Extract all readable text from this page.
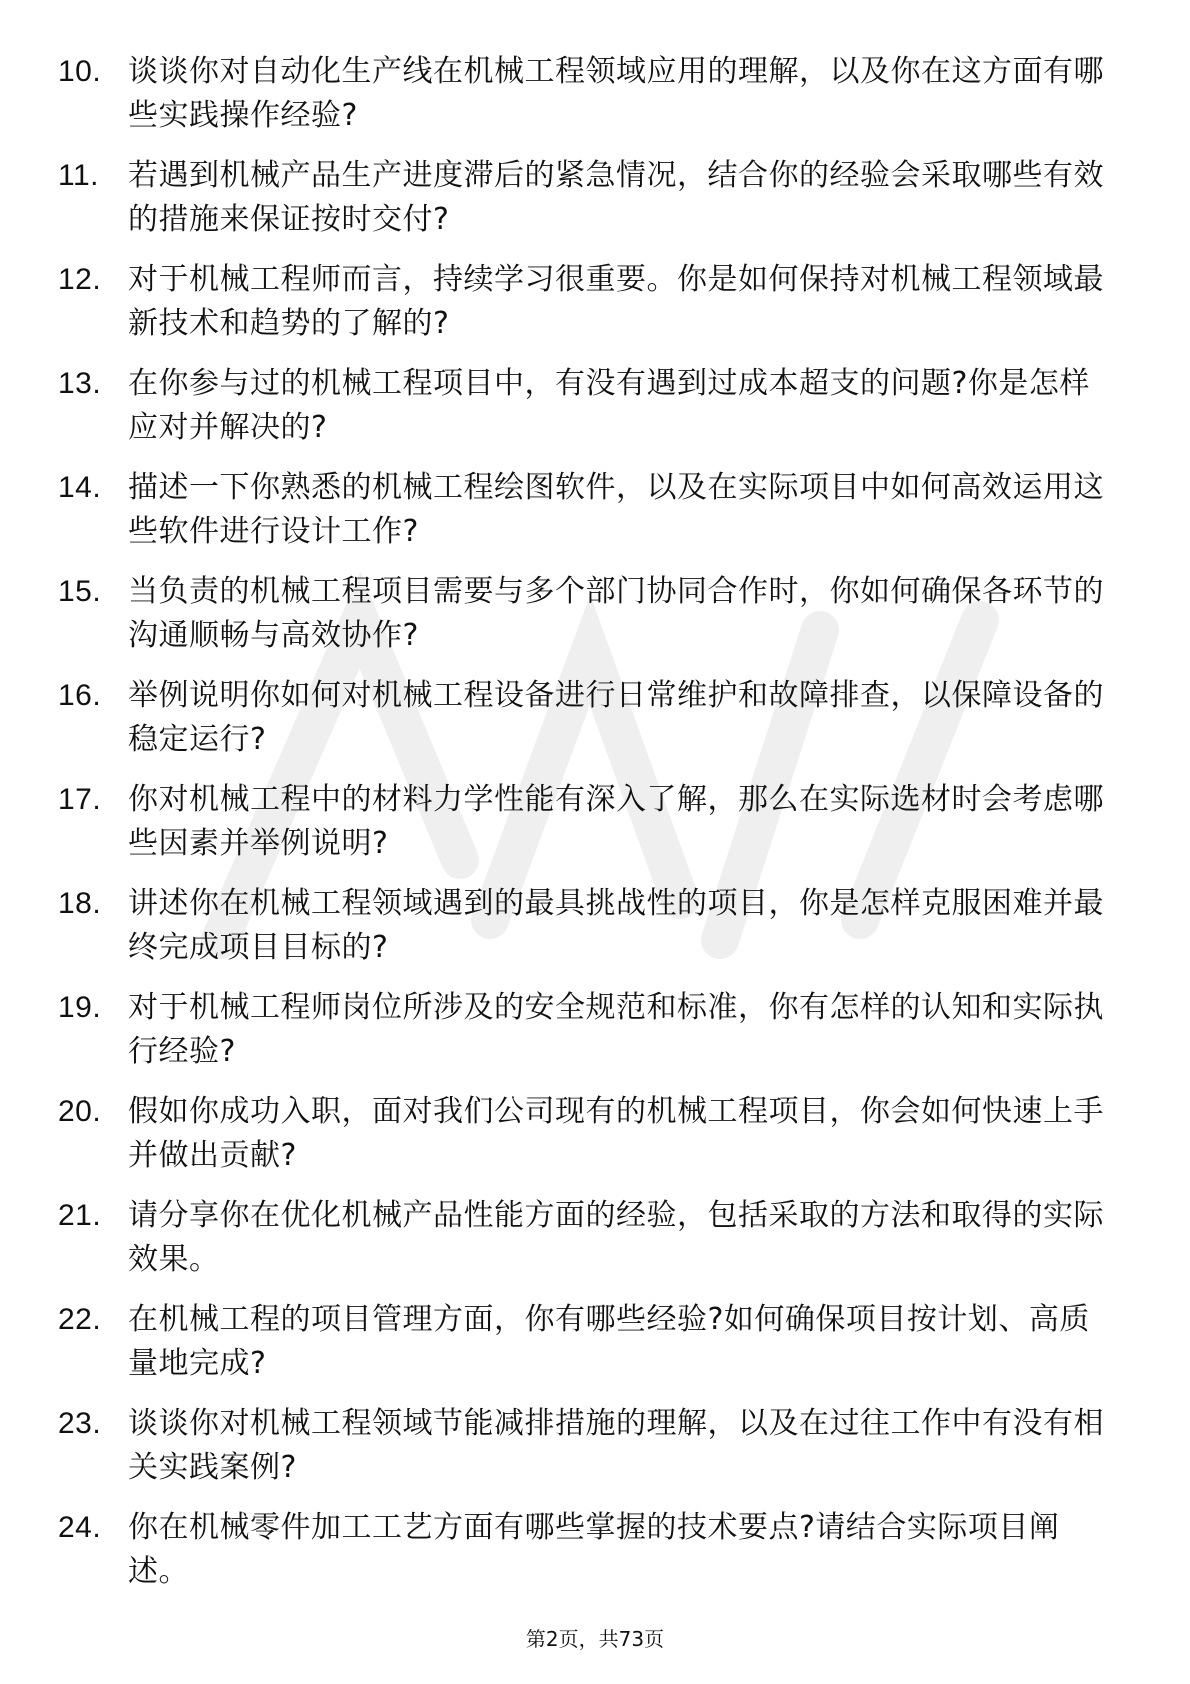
10. 谈谈你对自动化生产线在机械工程领域应用的理解，以及你在这方面有哪些实践操作经验?
11. 若遇到机械产品生产进度滞后的紧急情况，结合你的经验会采取哪些有效的措施来保证按时交付?
12. 对于机械工程师而言，持续学习很重要。你是如何保持对机械工程领域最新技术和趋势的了解的?
13. 在你参与过的机械工程项目中，有没有遇到过成本超支的问题?你是怎样应对并解决的?
14. 描述一下你熟悉的机械工程绘图软件，以及在实际项目中如何高效运用这些软件进行设计工作?
15. 当负责的机械工程项目需要与多个部门协同合作时，你如何确保各环节的沟通顺畅与高效协作?
16. 举例说明你如何对机械工程设备进行日常维护和故障排查，以保障设备的稳定运行?
17. 你对机械工程中的材料力学性能有深入了解，那么在实际选材时会考虑哪些因素并举例说明?
18. 讲述你在机械工程领域遇到的最具挑战性的项目，你是怎样克服困难并最终完成项目目标的?
19. 对于机械工程师岗位所涉及的安全规范和标准，你有怎样的认知和实际执行经验?
20. 假如你成功入职，面对我们公司现有的机械工程项目，你会如何快速上手并做出贡献?
21. 请分享你在优化机械产品性能方面的经验，包括采取的方法和取得的实际效果。
22. 在机械工程的项目管理方面，你有哪些经验?如何确保项目按计划、高质量地完成?
23. 谈谈你对机械工程领域节能减排措施的理解，以及在过往工作中有没有相关实践案例?
24. 你在机械零件加工工艺方面有哪些掌握的技术要点?请结合实际项目阐述。
第2页，共73页
